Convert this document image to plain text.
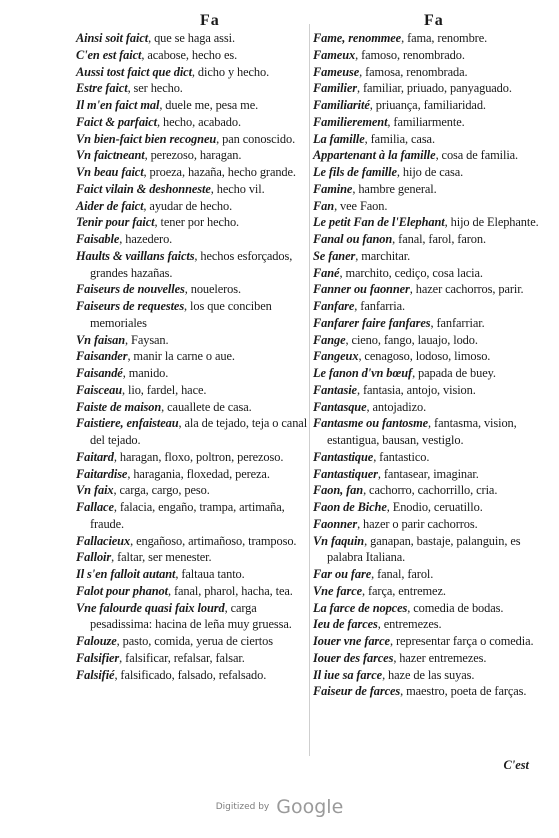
Fa	Fa

Ainsi soit faict, que se haga assi.

C'en est faict, acabose, hecho es.

Aussi tost faict que dict, dicho y hecho.

Estre faict, ser hecho.

Il m'en faict mal, duele me, pesa me.

Faict & parfaict, hecho, acabado.

Vn bien-faict bien recogneu, pan conoscido.

Vn faictneant, perezoso, haragan.

Vn beau faict, proeza, hazaña, hecho grande.

Faict vilain & deshonneste, hecho vil.

Aider de faict, ayudar de hecho.

Tenir pour faict, tener por hecho.

Faisable, hazedero.

Haults & vaillans faicts, hechos esforçados, grandes hazañas.

Faiseurs de nouvelles, noueleros.

Faiseurs de requestes, los que conciben memoriales

Vn faisan, Faysan.

Faisander, manir la carne o aue.

Faisandé, manido.

Faisceau, lio, fardel, hace.

Faiste de maison, cauallete de casa.

Faistiere, enfaisteau, ala de tejado, teja o canal del tejado.

Faitard, haragan, floxo, poltron, perezoso.

Faitardise, haragania, floxedad, pereza.

Vn faix, carga, cargo, peso.

Fallace, falacia, engaño, trampa, artimaña, fraude.

Fallacieux, engañoso, artimañoso, tramposo.

Falloir, faltar, ser menester.

Il s'en falloit autant, faltaua tanto.

Falot pour phanot, fanal, pharol, hacha, tea.

Vne falourde quasi faix lourd, carga pesadissima: hacina de leña muy gruessa.

Falouze, pasto, comida, yerua de ciertos

Falsifier, falsificar, refalsar, falsar.

Falsifié, falsificado, falsado, refalsado.

Fame, renommee, fama, renombre.

Fameux, famoso, renombrado.

Fameuse, famosa, renombrada.

Familier, familiar, priuado, panyaguado.

Familiarité, priuança, familiaridad.

Familierement, familiarmente.

La famille, familia, casa.

Appartenant à la famille, cosa de familia.

Le fils de famille, hijo de casa.

Famine, hambre general.

Fan, vee Faon.

Le petit Fan de l'Elephant, hijo de Elephante.

Fanal ou fanon, fanal, farol, faron.

Se faner, marchitar.

Fané, marchito, cediço, cosa lacia.

Fanner ou faonner, hazer cachorros, parir.

Fanfare, fanfarria.

Fanfarer faire fanfares, fanfarriar.

Fange, cieno, fango, lauajo, lodo.

Fangeux, cenagoso, lodoso, limoso.

Le fanon d'vn bœuf, papada de buey.

Fantasie, fantasia, antojo, vision.

Fantasque, antojadizo.

Fantasme ou fantosme, fantasma, vision, estantigua, bausan, vestiglo.

Fantastique, fantastico.

Fantastiquer, fantasear, imaginar.

Faon, fan, cachorro, cachorrillo, cria.

Faon de Biche, Enodio, ceruatillo.

Faonner, hazer o parir cachorros.

Vn faquin, ganapan, bastaje, palanguin, es palabra Italiana.

Far ou fare, fanal, farol.

Vne farce, farça, entremez.

La farce de nopces, comedia de bodas.

Ieu de farces, entremezes.

Iouer vne farce, representar farça o comedia.

Iouer des farces, hazer entremezes.

Il iue sa farce, haze de las suyas.

Faiseur de farces, maestro, poeta de farças.

C'est
Digitized by Google
